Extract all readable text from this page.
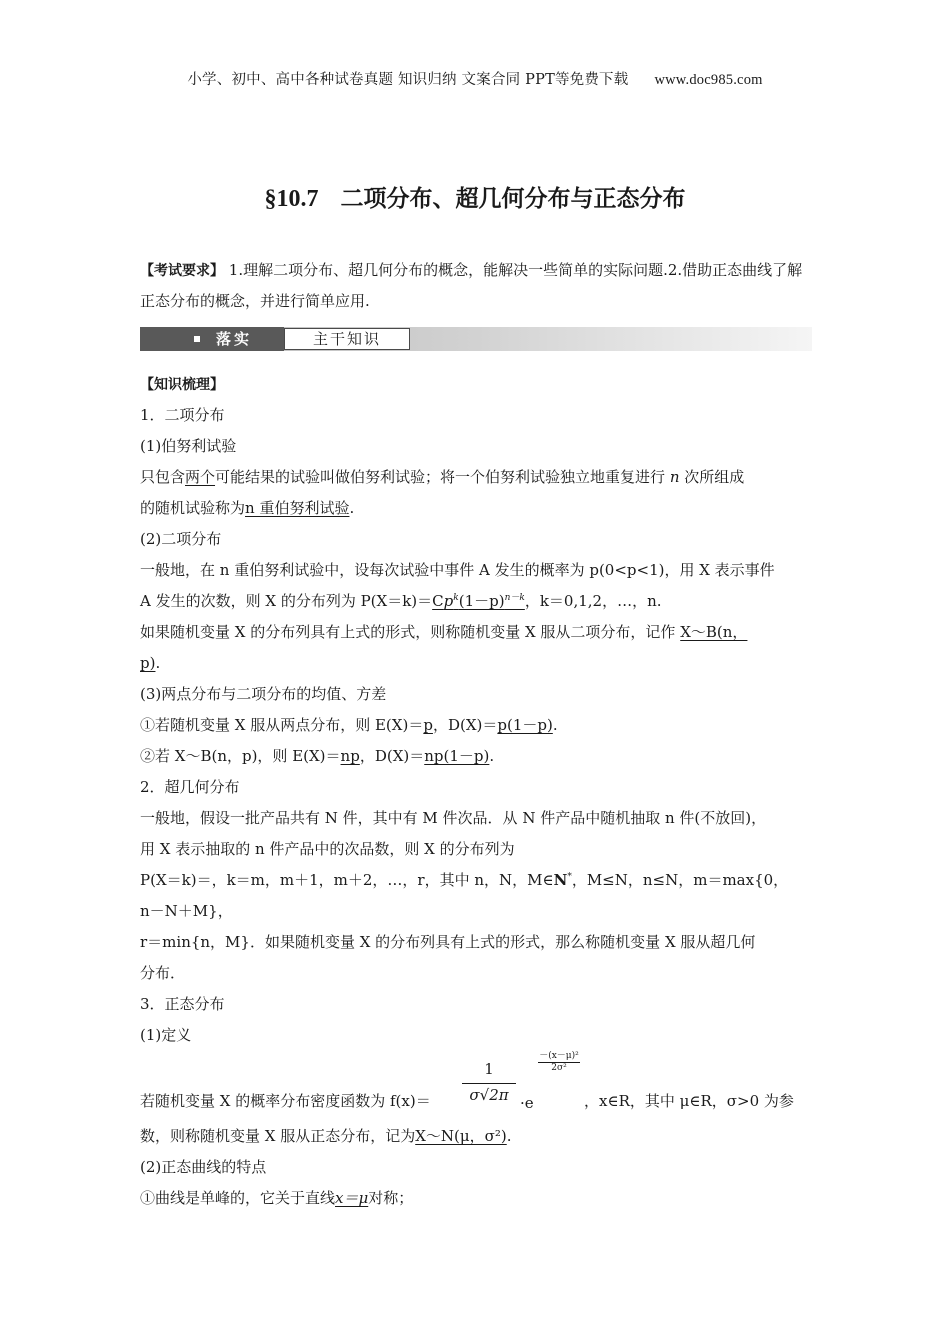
小学、初中、高中各种试卷真题 知识归纳 文案合同 PPT等免费下载 www.doc985.com
§10.7 二项分布、超几何分布与正态分布
【考试要求】 1.理解二项分布、超几何分布的概念，能解决一些简单的实际问题.2.借助正态曲线了解正态分布的概念，并进行简单应用.
落实	主干知识
【知识梳理】
1．二项分布
(1)伯努利试验
只包含两个可能结果的试验叫做伯努利试验；将一个伯努利试验独立地重复进行 n 次所组成
的随机试验称为n 重伯努利试验.
(2)二项分布
一般地，在 n 重伯努利试验中，设每次试验中事件 A 发生的概率为 p(0<p<1)，用 X 表示事件
A 发生的次数，则 X 的分布列为 $P(X=k)=Cp^k(1-p)^{n-k}$，k＝0,1,2，…，n.
如果随机变量 X 的分布列具有上式的形式，则称随机变量 X 服从二项分布，记作 X～B(n，
p).
(3)两点分布与二项分布的均值、方差
①若随机变量 X 服从两点分布，则 E(X)＝p，D(X)＝p(1－p).
②若 X～B(n，p)，则 E(X)＝np，D(X)＝np(1－p).
2．超几何分布
一般地，假设一批产品共有 N 件，其中有 M 件次品．从 N 件产品中随机抽取 n 件(不放回)，
用 X 表示抽取的 n 件产品中的次品数，则 X 的分布列为
P(X＝k)＝，k＝m，m＋1，m＋2，…，r，其中 n，N，M∈N*，M≤N，n≤N，m＝max{0，
n－N＋M}，
r＝min{n，M}．如果随机变量 X 的分布列具有上式的形式，那么称随机变量 X 服从超几何
分布．
3．正态分布
(1)定义
若随机变量 X 的概率分布密度函数为 $f(x)= \frac{1}{\sigma√2\pi} \cdot e$
$\frac{\text{－(x－μ)²}}{\text{2σ²}}$
，x∈R，其中 μ∈R，σ>0 为参
数，则称随机变量 X 服从正态分布，记为X～N(μ，σ²).
(2)正态曲线的特点
①曲线是单峰的，它关于直线x＝μ对称；
